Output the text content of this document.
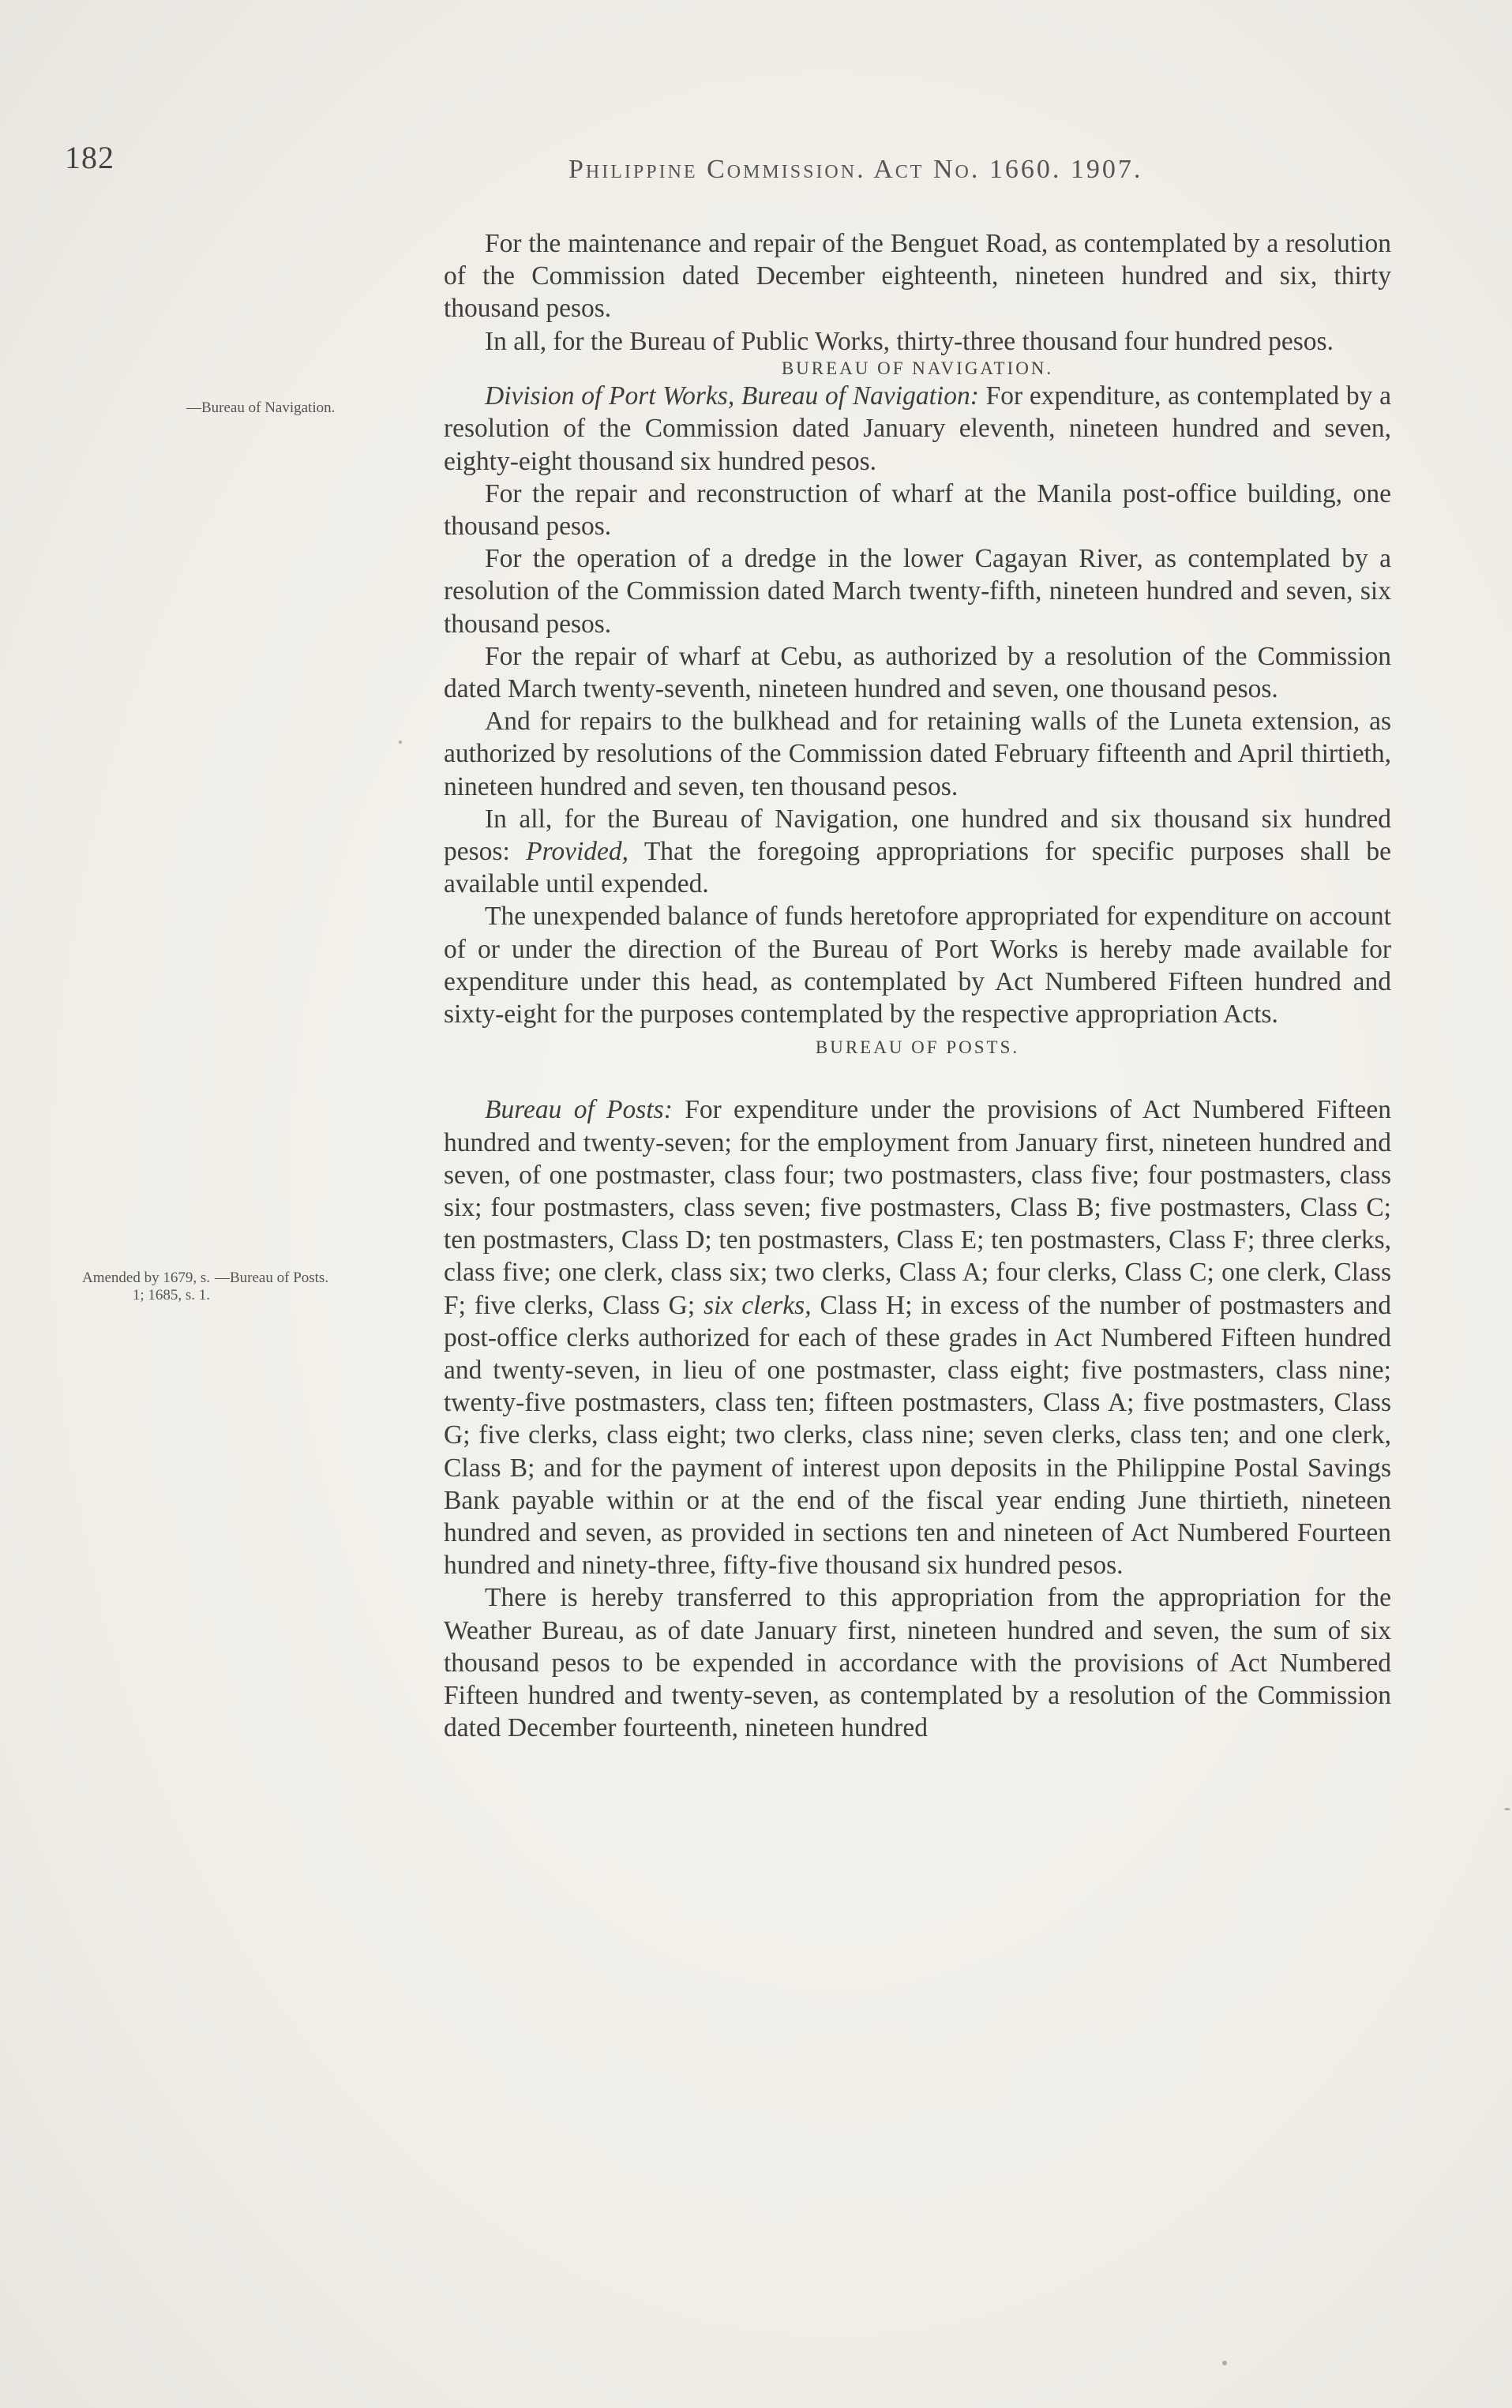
182	Philippine Commission. Act No. 1660. 1907.
—Bureau of Navigation.
Amended by 1679, s. 1; 1685, s. 1.
—Bureau of Posts.

For the maintenance and repair of the Benguet Road, as contemplated by a resolution of the Commission dated December eighteenth, nineteen hundred and six, thirty thousand pesos.

In all, for the Bureau of Public Works, thirty-three thousand four hundred pesos.

BUREAU OF NAVIGATION.

Division of Port Works, Bureau of Navigation: For expenditure, as contemplated by a resolution of the Commission dated January eleventh, nineteen hundred and seven, eighty-eight thousand six hundred pesos.

For the repair and reconstruction of wharf at the Manila post-office building, one thousand pesos.

For the operation of a dredge in the lower Cagayan River, as contemplated by a resolution of the Commission dated March twenty-fifth, nineteen hundred and seven, six thousand pesos.

For the repair of wharf at Cebu, as authorized by a resolution of the Commission dated March twenty-seventh, nineteen hundred and seven, one thousand pesos.

And for repairs to the bulkhead and for retaining walls of the Luneta extension, as authorized by resolutions of the Commission dated February fifteenth and April thirtieth, nineteen hundred and seven, ten thousand pesos.

In all, for the Bureau of Navigation, one hundred and six thousand six hundred pesos: Provided, That the foregoing appropriations for specific purposes shall be available until expended.

The unexpended balance of funds heretofore appropriated for expenditure on account of or under the direction of the Bureau of Port Works is hereby made available for expenditure under this head, as contemplated by Act Numbered Fifteen hundred and sixty-eight for the purposes contemplated by the respective appropriation Acts.

BUREAU OF POSTS.

Bureau of Posts: For expenditure under the provisions of Act Numbered Fifteen hundred and twenty-seven; for the employment from January first, nineteen hundred and seven, of one postmaster, class four; two postmasters, class five; four postmasters, class six; four postmasters, class seven; five postmasters, Class B; five postmasters, Class C; ten postmasters, Class D; ten postmasters, Class E; ten postmasters, Class F; three clerks, class five; one clerk, class six; two clerks, Class A; four clerks, Class C; one clerk, Class F; five clerks, Class G; six clerks, Class H; in excess of the number of postmasters and post-office clerks authorized for each of these grades in Act Numbered Fifteen hundred and twenty-seven, in lieu of one postmaster, class eight; five postmasters, class nine; twenty-five postmasters, class ten; fifteen postmasters, Class A; five postmasters, Class G; five clerks, class eight; two clerks, class nine; seven clerks, class ten; and one clerk, Class B; and for the payment of interest upon deposits in the Philippine Postal Savings Bank payable within or at the end of the fiscal year ending June thirtieth, nineteen hundred and seven, as provided in sections ten and nineteen of Act Numbered Fourteen hundred and ninety-three, fifty-five thousand six hundred pesos.

There is hereby transferred to this appropriation from the appropriation for the Weather Bureau, as of date January first, nineteen hundred and seven, the sum of six thousand pesos to be expended in accordance with the provisions of Act Numbered Fifteen hundred and twenty-seven, as contemplated by a resolution of the Commission dated December fourteenth, nineteen hundred
